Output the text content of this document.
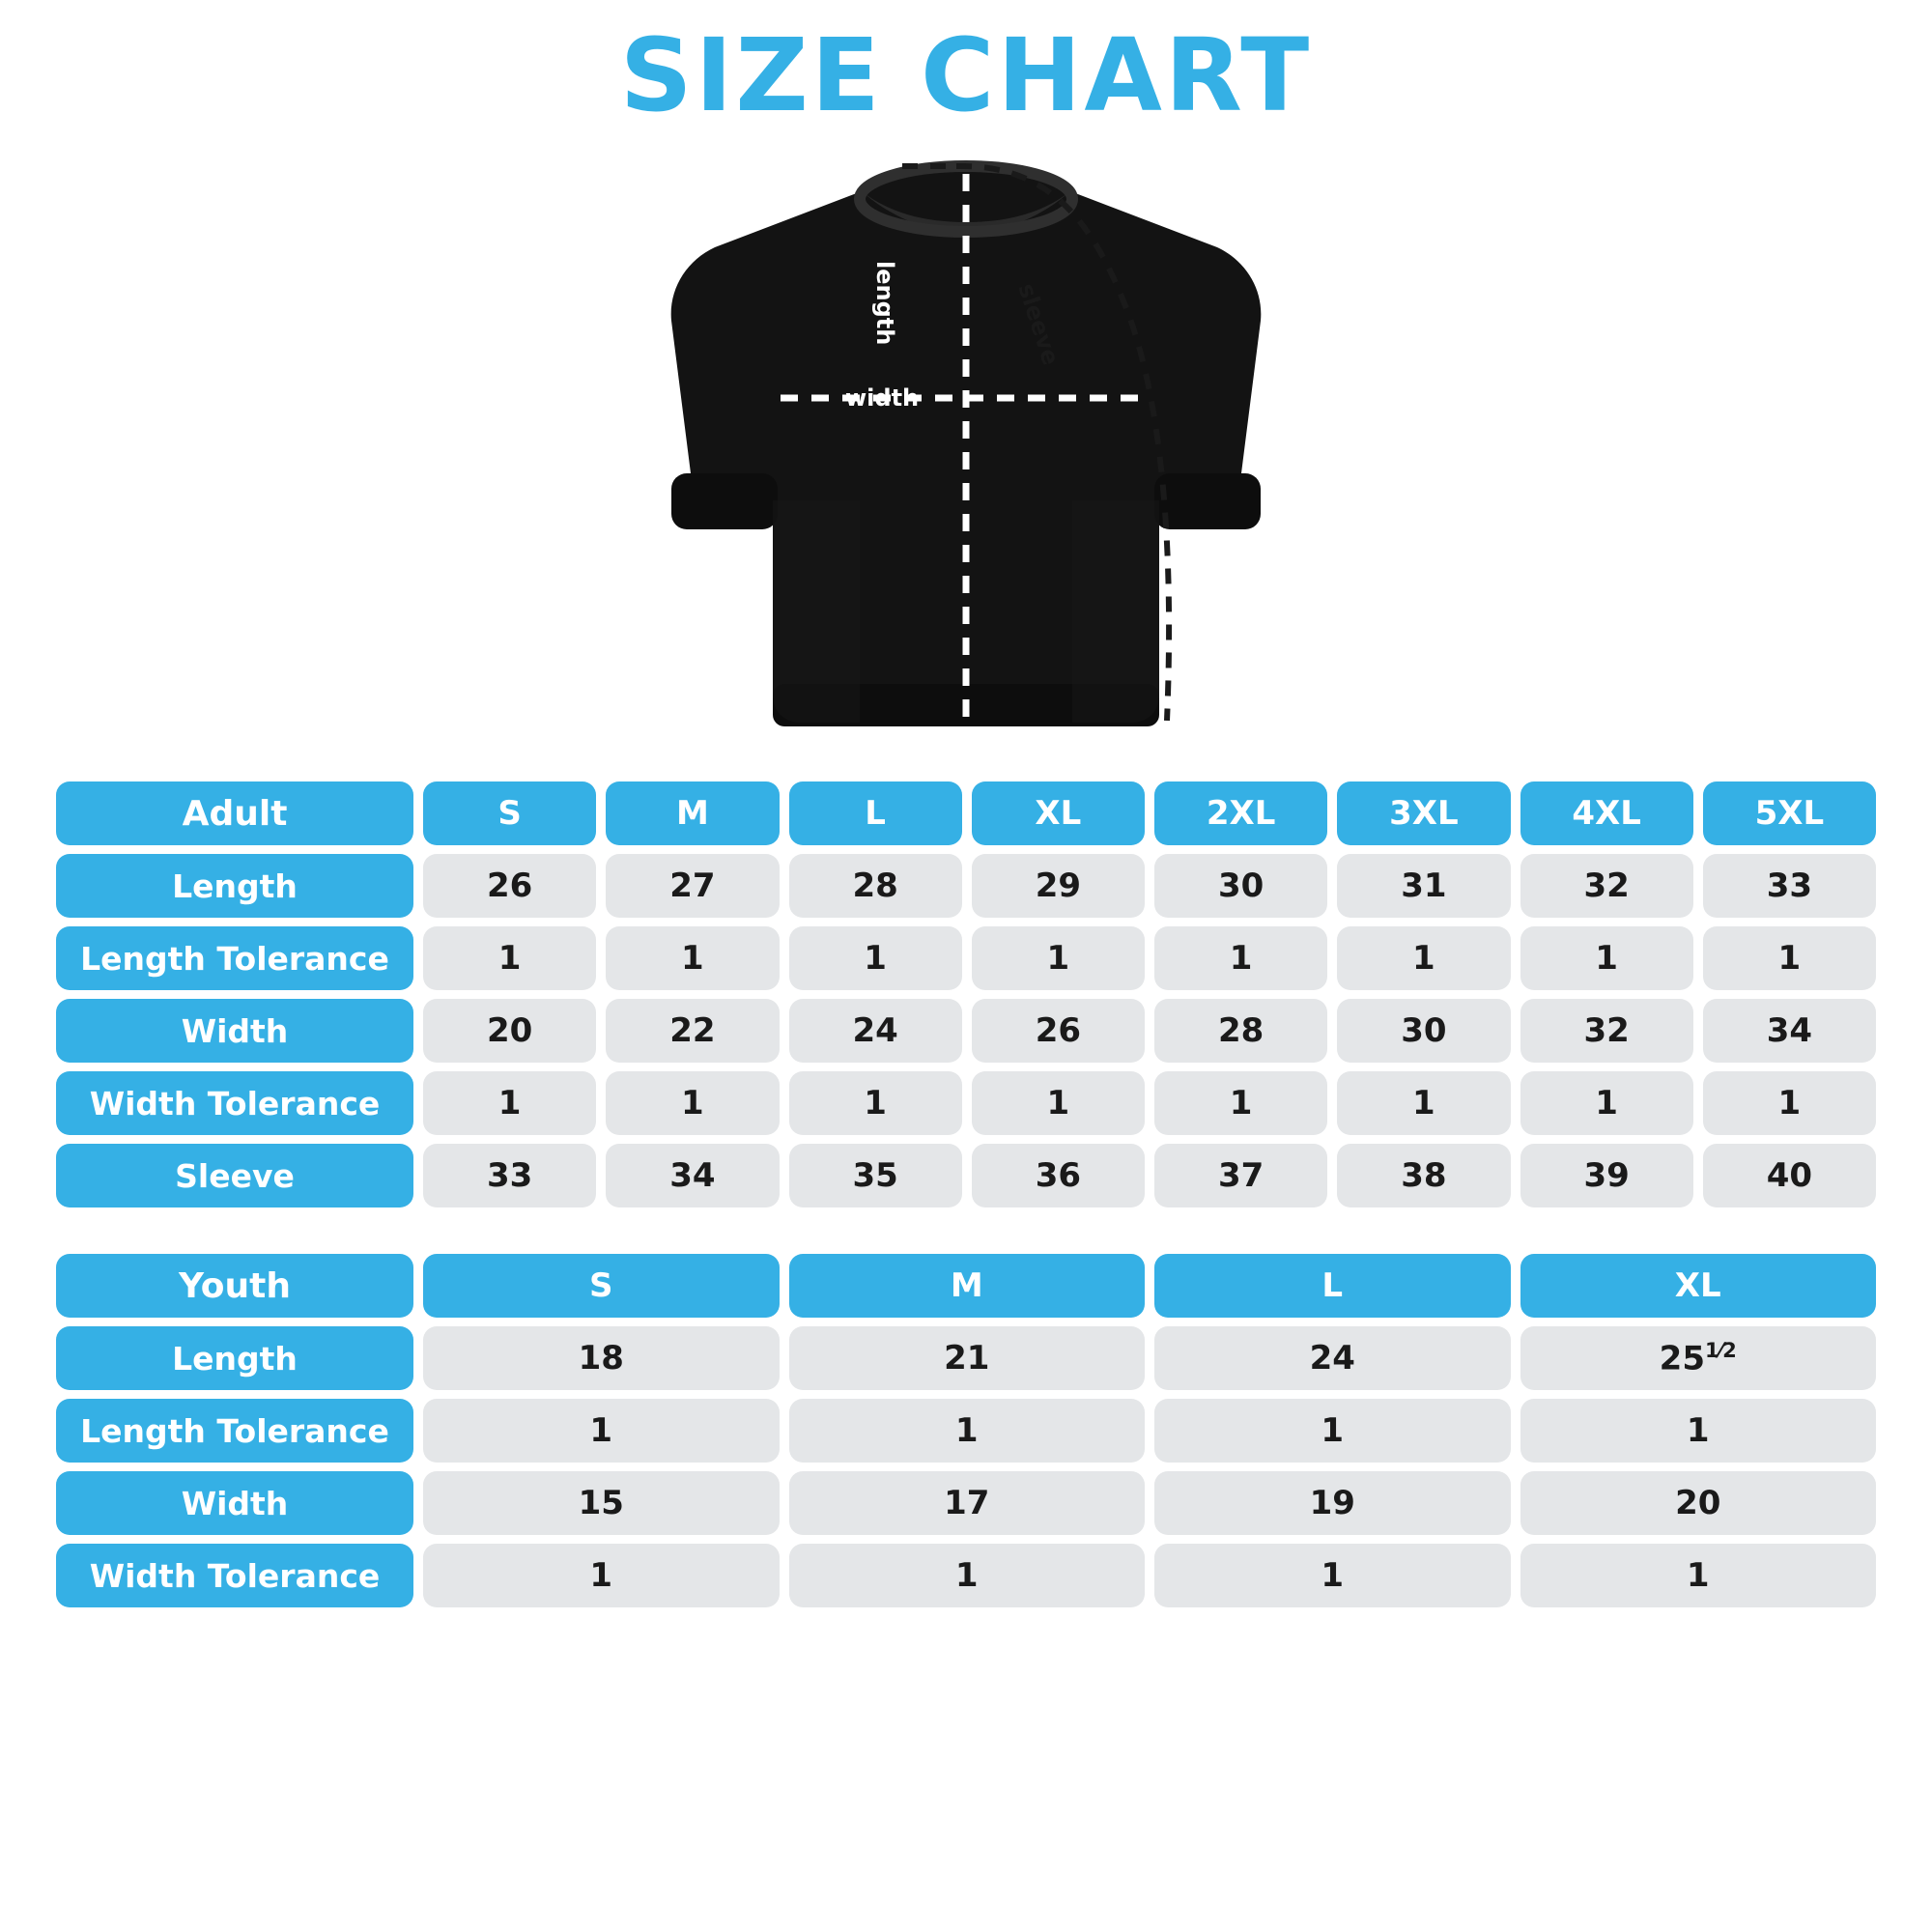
SIZE CHART
width
length	sleeve
Adult	S	M	L	XL	2XL	3XL	4XL	5XL
Length	26	27	28	29	30	31	32	33
Length Tolerance	1	1	1	1	1	1	1	1
Width	20	22	24	26	28	30	32	34
Width Tolerance	1	1	1	1	1	1	1	1
Sleeve	33	34	35	36	37	38	39	40
Youth	S	M	L	XL
Length	18	21	24	$25^{1⁄2}$
Length Tolerance	1	1	1	1
Width	15	17	19	20
Width Tolerance	1	1	1	1
